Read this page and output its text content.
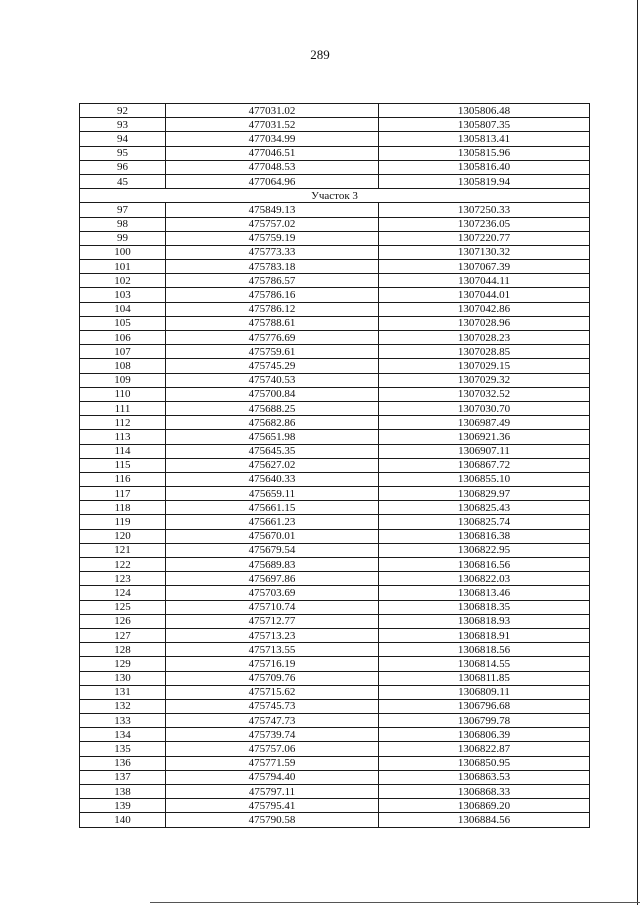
289
92	477031.02	1305806.48
93	477031.52	1305807.35
94	477034.99	1305813.41
95	477046.51	1305815.96
96	477048.53	1305816.40
45	477064.96	1305819.94
Участок 3		
97	475849.13	1307250.33
98	475757.02	1307236.05
99	475759.19	1307220.77
100	475773.33	1307130.32
101	475783.18	1307067.39
102	475786.57	1307044.11
103	475786.16	1307044.01
104	475786.12	1307042.86
105	475788.61	1307028.96
106	475776.69	1307028.23
107	475759.61	1307028.85
108	475745.29	1307029.15
109	475740.53	1307029.32
110	475700.84	1307032.52
111	475688.25	1307030.70
112	475682.86	1306987.49
113	475651.98	1306921.36
114	475645.35	1306907.11
115	475627.02	1306867.72
116	475640.33	1306855.10
117	475659.11	1306829.97
118	475661.15	1306825.43
119	475661.23	1306825.74
120	475670.01	1306816.38
121	475679.54	1306822.95
122	475689.83	1306816.56
123	475697.86	1306822.03
124	475703.69	1306813.46
125	475710.74	1306818.35
126	475712.77	1306818.93
127	475713.23	1306818.91
128	475713.55	1306818.56
129	475716.19	1306814.55
130	475709.76	1306811.85
131	475715.62	1306809.11
132	475745.73	1306796.68
133	475747.73	1306799.78
134	475739.74	1306806.39
135	475757.06	1306822.87
136	475771.59	1306850.95
137	475794.40	1306863.53
138	475797.11	1306868.33
139	475795.41	1306869.20
140	475790.58	1306884.56
